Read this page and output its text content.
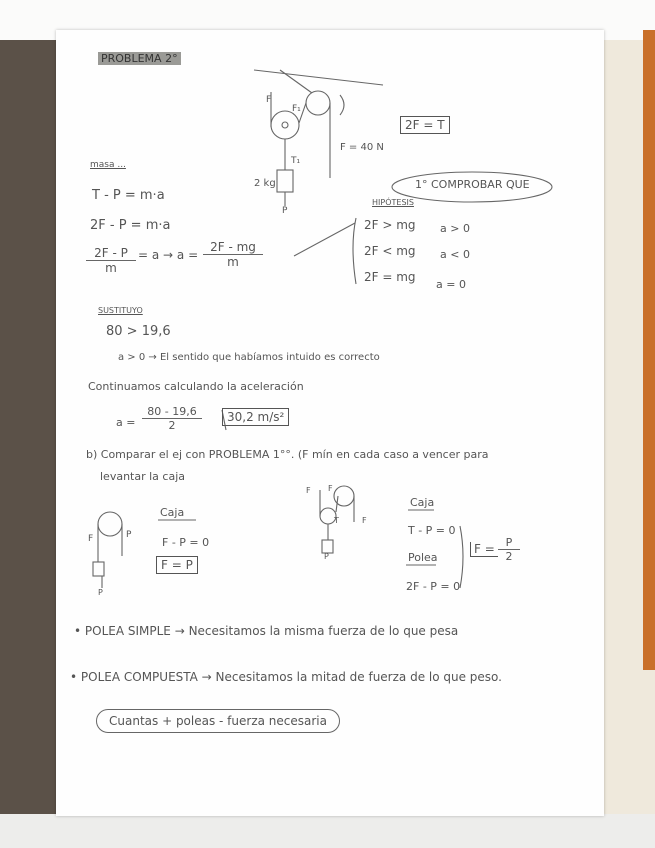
PROBLEMA 2°
F
F₁
T₁
2 kg
P
F = 40 N
2F = T
1° COMPROBAR QUE
HIPÓTESIS
2F > mg a > 0
2F < mg a < 0
2F = mg
a = 0
masa ...
T - P = m·a
2F - P = m·a
$\frac{2F - P}{m} = a \to a = \frac{2F - mg}{m}$
SUSTITUYO
80 > 19,6
a > 0 → El sentido que habíamos intuido es correcto
Continuamos calculando la aceleración
$a = \frac{80 - 19,6}{2}$	30,2 m/s²
b) Comparar el ej con PROBLEMA 1°°. (F mín en cada caso a vencer para
levantar la caja
F	P
P
Caja
F - P = 0
F = P
F F
T	F
P
Caja
T - P = 0
Polea
2F - P = 0
$F = \frac{P}{2}$
• POLEA SIMPLE → Necesitamos la misma fuerza de lo que pesa
• POLEA COMPUESTA → Necesitamos la mitad de fuerza de lo que peso.
Cuantas + poleas - fuerza necesaria
